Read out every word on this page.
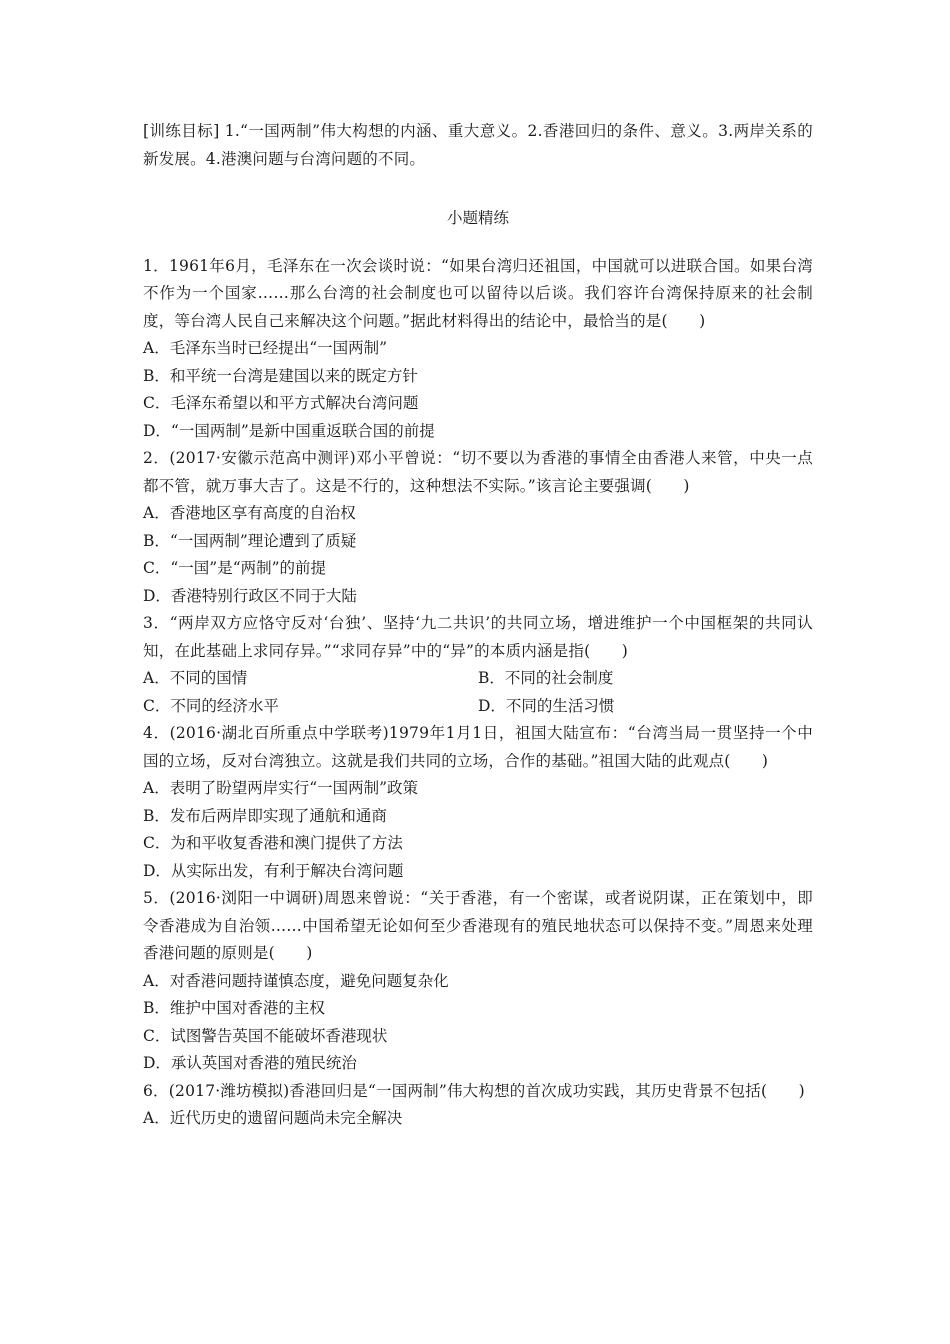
[训练目标] 1.“一国两制”伟大构想的内涵、重大意义。2.香港回归的条件、意义。3.两岸关系的新发展。4.港澳问题与台湾问题的不同。

小题精练

1．1961年6月，毛泽东在一次会谈时说：“如果台湾归还祖国，中国就可以进联合国。如果台湾不作为一个国家……那么台湾的社会制度也可以留待以后谈。我们容许台湾保持原来的社会制度，等台湾人民自己来解决这个问题。”据此材料得出的结论中，最恰当的是(　　)

A．毛泽东当时已经提出“一国两制”

B．和平统一台湾是建国以来的既定方针

C．毛泽东希望以和平方式解决台湾问题

D．“一国两制”是新中国重返联合国的前提

2．(2017·安徽示范高中测评)邓小平曾说：“切不要以为香港的事情全由香港人来管，中央一点都不管，就万事大吉了。这是不行的，这种想法不实际。”该言论主要强调(　　)

A．香港地区享有高度的自治权

B．“一国两制”理论遭到了质疑

C．“一国”是“两制”的前提

D．香港特别行政区不同于大陆

3．“两岸双方应恪守反对‘台独’、坚持‘九二共识’的共同立场，增进维护一个中国框架的共同认知，在此基础上求同存异。”“求同存异”中的“异”的本质内涵是指(　　)

A．不同的国情	B．不同的社会制度

C．不同的经济水平	D．不同的生活习惯

4．(2016·湖北百所重点中学联考)1979年1月1日，祖国大陆宣布：“台湾当局一贯坚持一个中国的立场，反对台湾独立。这就是我们共同的立场，合作的基础。”祖国大陆的此观点(　　)

A．表明了盼望两岸实行“一国两制”政策

B．发布后两岸即实现了通航和通商

C．为和平收复香港和澳门提供了方法

D．从实际出发，有利于解决台湾问题

5．(2016·浏阳一中调研)周恩来曾说：“关于香港，有一个密谋，或者说阴谋，正在策划中，即令香港成为自治领……中国希望无论如何至少香港现有的殖民地状态可以保持不变。”周恩来处理香港问题的原则是(　　)

A．对香港问题持谨慎态度，避免问题复杂化

B．维护中国对香港的主权

C．试图警告英国不能破坏香港现状

D．承认英国对香港的殖民统治

6．(2017·潍坊模拟)香港回归是“一国两制”伟大构想的首次成功实践，其历史背景不包括(　　)

A．近代历史的遗留问题尚未完全解决
